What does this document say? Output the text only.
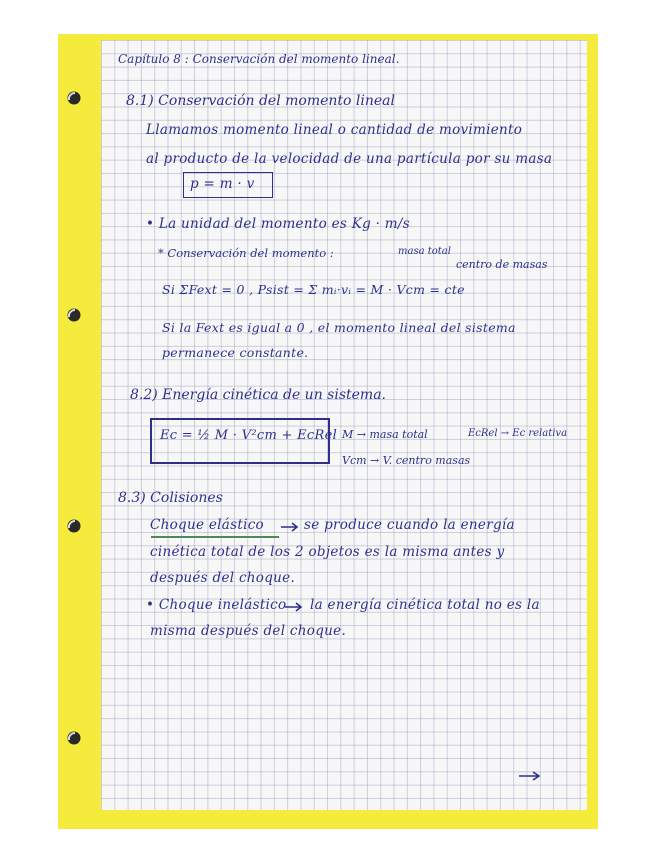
Capítulo 8 : Conservación del momento lineal.
8.1) Conservación del momento lineal
Llamamos momento lineal o cantidad de movimiento
al producto de la velocidad de una partícula por su masa
p = m · v
• La unidad del momento es Kg · m/s
* Conservación del momento :	masa total
centro de masas
Si ΣFext = 0 , Psist = Σ mᵢ·vᵢ = M · Vcm = cte
Si la Fext es igual a 0 , el momento lineal del sistema
permanece constante.
8.2) Energía cinética de un sistema.
Ec = ½ M · V²cm + EcRel M → masa total	EcRel → Ec relativa
Vcm → V. centro masas
8.3) Colisiones
Choque elástico	se produce cuando la energía
cinética total de los 2 objetos es la misma antes y
después del choque.
• Choque inelástico la energía cinética total no es la
misma después del choque.
